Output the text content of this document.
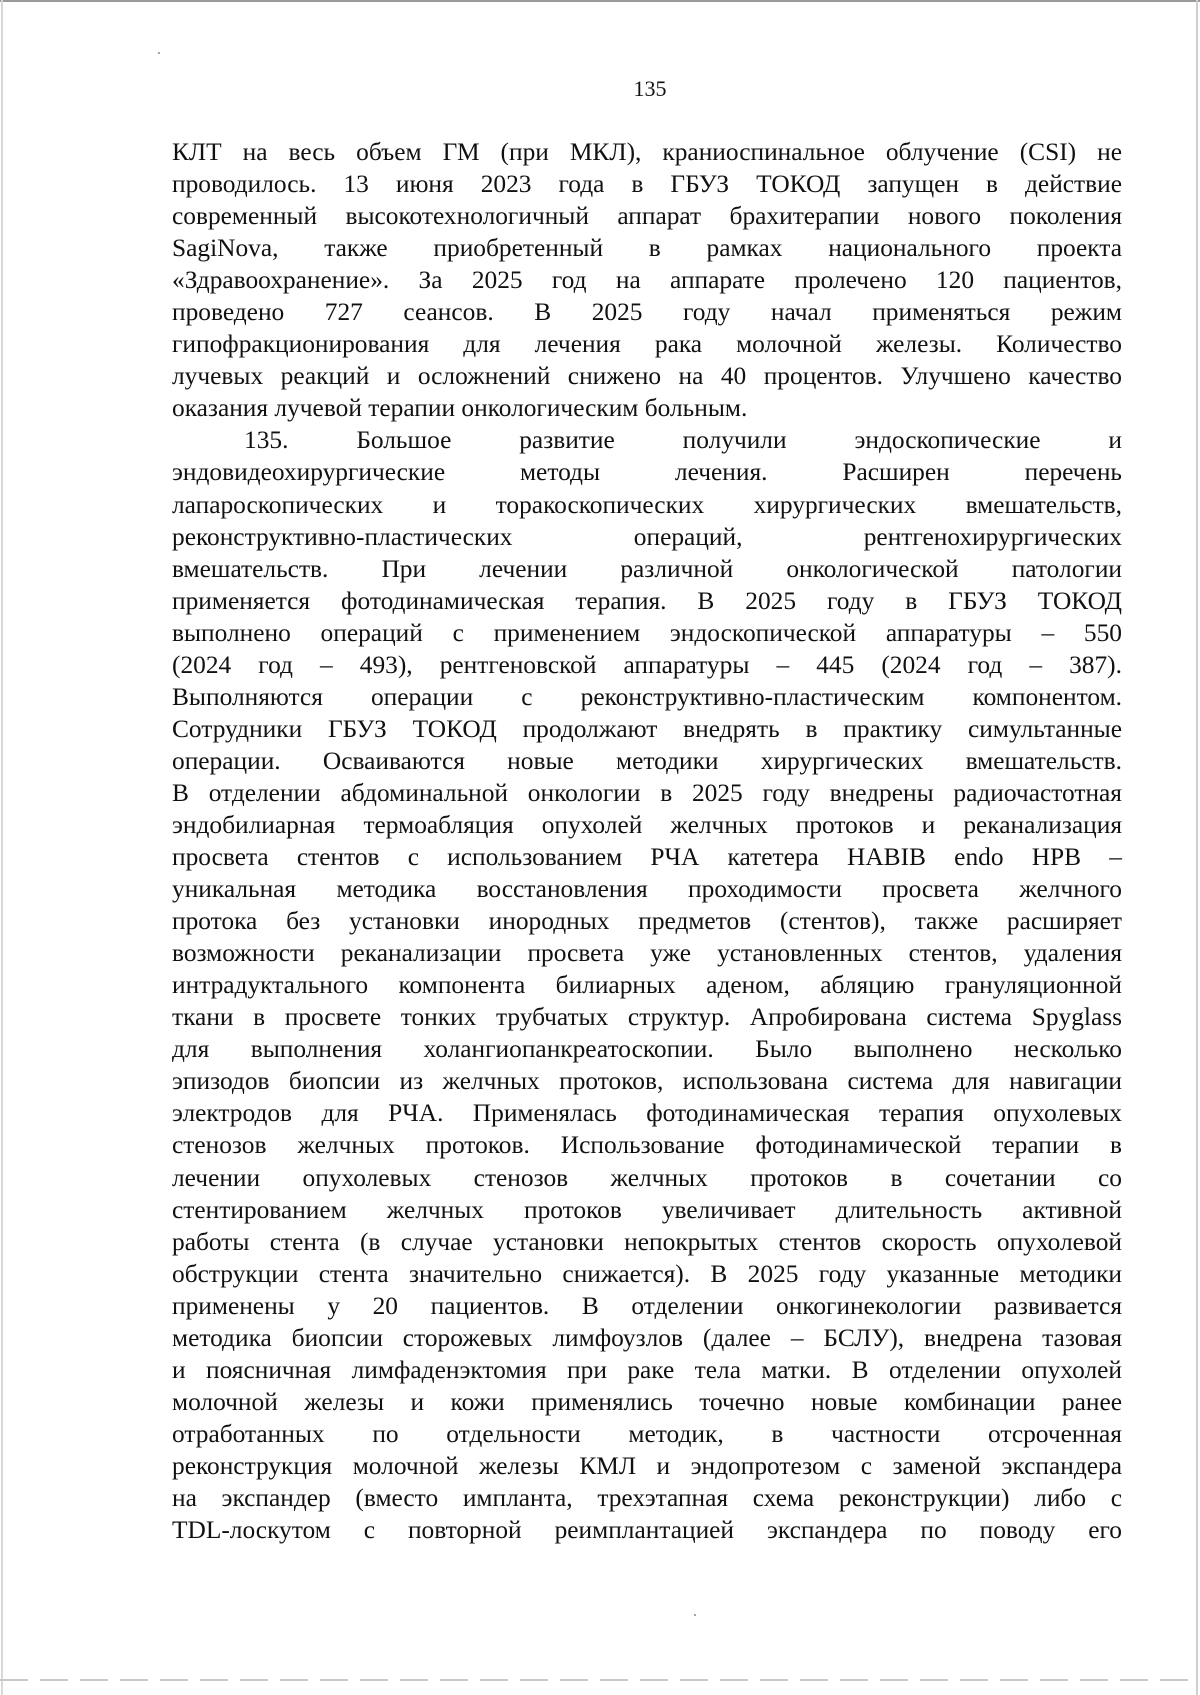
135
КЛТ на весь объем ГМ (при МКЛ), краниоспинальное облучение (CSI) не
проводилось. 13 июня 2023 года в ГБУЗ ТОКОД запущен в действие
современный высокотехнологичный аппарат брахитерапии нового поколения
SagiNova, также приобретенный в рамках национального проекта
«Здравоохранение». За 2025 год на аппарате пролечено 120 пациентов,
проведено 727 сеансов. В 2025 году начал применяться режим
гипофракционирования для лечения рака молочной железы. Количество
лучевых реакций и осложнений снижено на 40 процентов. Улучшено качество
оказания лучевой терапии онкологическим больным.
135. Большое развитие получили эндоскопические и
эндовидеохирургические методы лечения. Расширен перечень
лапароскопических и торакоскопических хирургических вмешательств,
реконструктивно-пластических операций, рентгенохирургических
вмешательств. При лечении различной онкологической патологии
применяется фотодинамическая терапия. В 2025 году в ГБУЗ ТОКОД
выполнено операций с применением эндоскопической аппаратуры – 550
(2024 год – 493), рентгеновской аппаратуры – 445 (2024 год – 387).
Выполняются операции с реконструктивно-пластическим компонентом.
Сотрудники ГБУЗ ТОКОД продолжают внедрять в практику симультанные
операции. Осваиваются новые методики хирургических вмешательств.
В отделении абдоминальной онкологии в 2025 году внедрены радиочастотная
эндобилиарная термоабляция опухолей желчных протоков и реканализация
просвета стентов с использованием РЧА катетера HABIB endo HPB –
уникальная методика восстановления проходимости просвета желчного
протока без установки инородных предметов (стентов), также расширяет
возможности реканализации просвета уже установленных стентов, удаления
интрадуктального компонента билиарных аденом, абляцию грануляционной
ткани в просвете тонких трубчатых структур. Апробирована система Spyglass
для выполнения холангиопанкреатоскопии. Было выполнено несколько
эпизодов биопсии из желчных протоков, использована система для навигации
электродов для РЧА. Применялась фотодинамическая терапия опухолевых
стенозов желчных протоков. Использование фотодинамической терапии в
лечении опухолевых стенозов желчных протоков в сочетании со
стентированием желчных протоков увеличивает длительность активной
работы стента (в случае установки непокрытых стентов скорость опухолевой
обструкции стента значительно снижается). В 2025 году указанные методики
применены у 20 пациентов. В отделении онкогинекологии развивается
методика биопсии сторожевых лимфоузлов (далее – БСЛУ), внедрена тазовая
и поясничная лимфаденэктомия при раке тела матки. В отделении опухолей
молочной железы и кожи применялись точечно новые комбинации ранее
отработанных по отдельности методик, в частности отсроченная
реконструкция молочной железы КМЛ и эндопротезом с заменой экспандера
на экспандер (вместо импланта, трехэтапная схема реконструкции) либо с
TDL-лоскутом с повторной реимплантацией экспандера по поводу его
